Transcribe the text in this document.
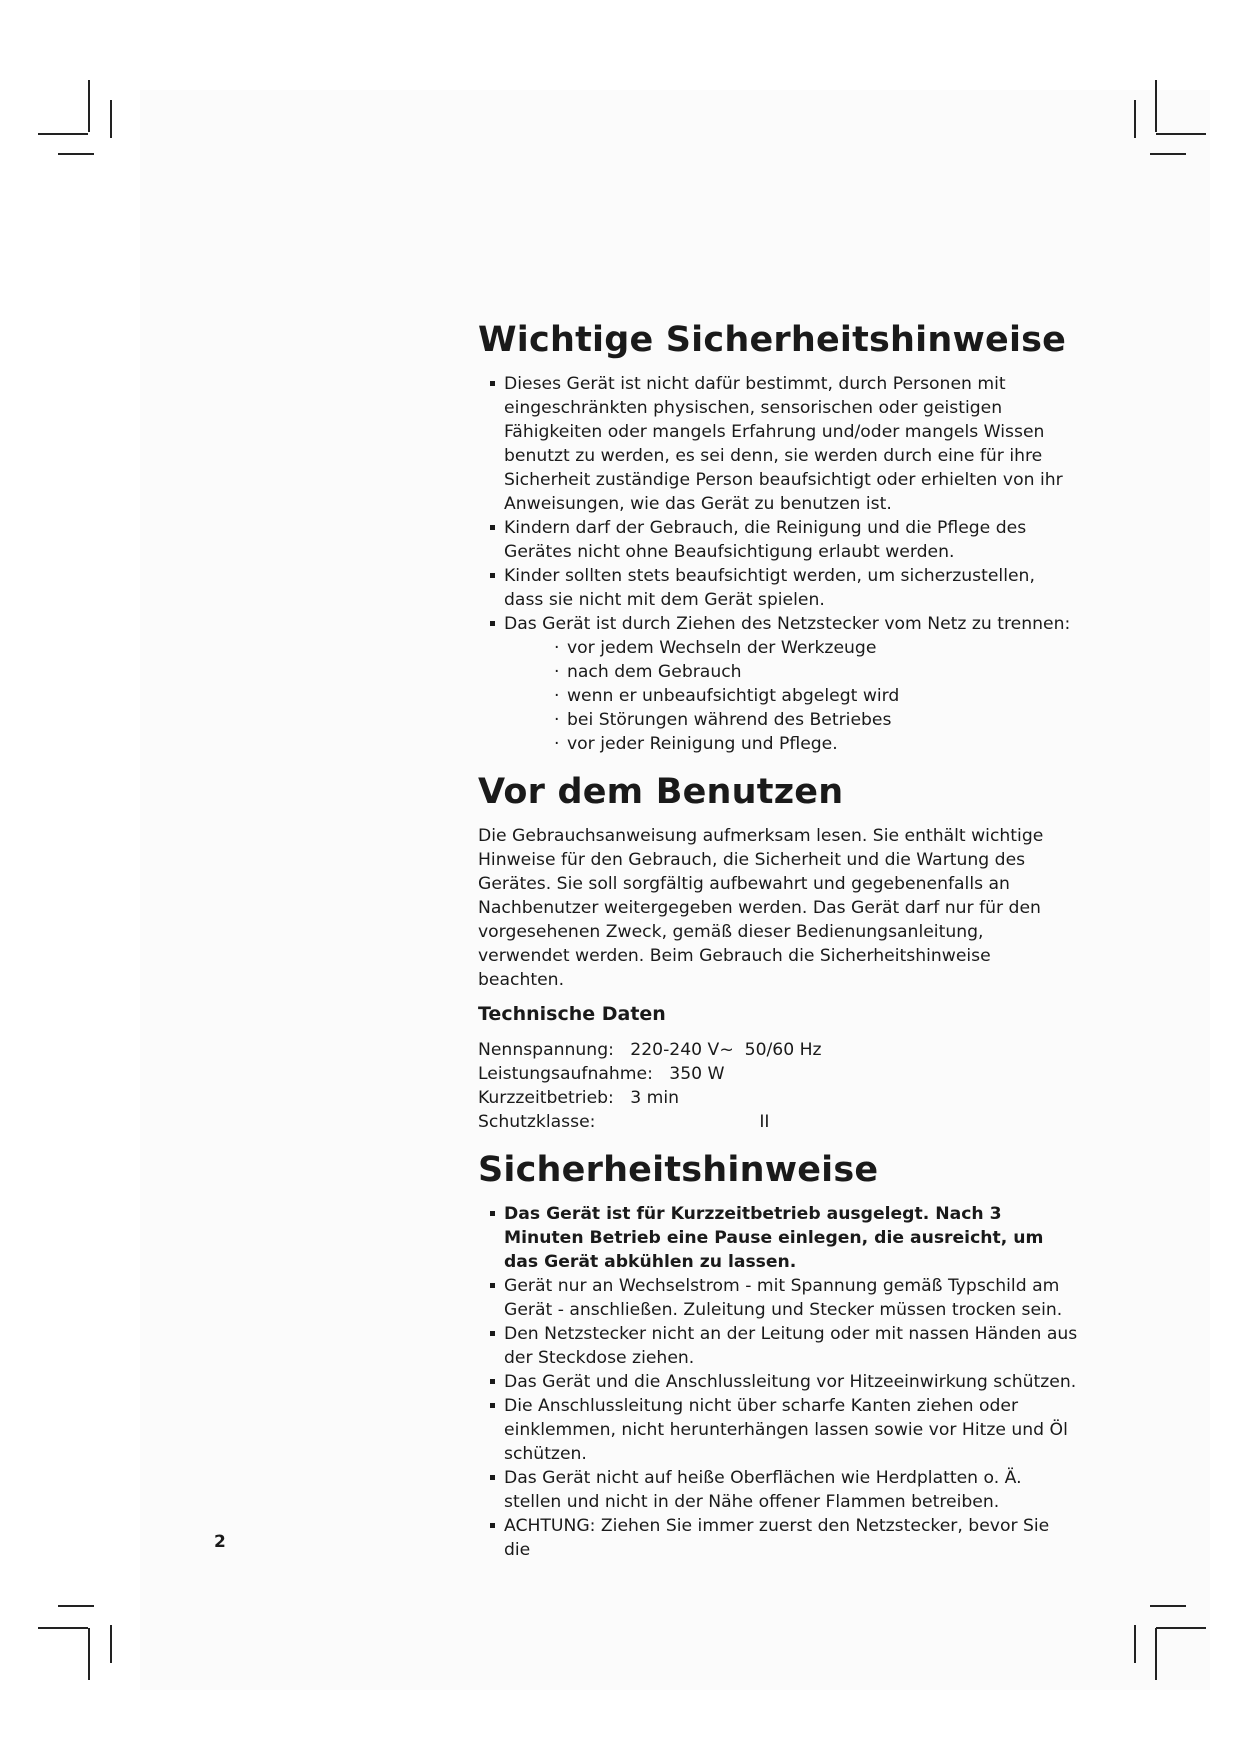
Wichtige Sicherheitshinweise
Dieses Gerät ist nicht dafür bestimmt, durch Personen mit eingeschränkten physischen, sensorischen oder geistigen Fähigkeiten oder mangels Erfahrung und/oder mangels Wissen benutzt zu werden, es sei denn, sie werden durch eine für ihre Sicherheit zuständige Person beaufsichtigt oder erhielten von ihr Anweisungen, wie das Gerät zu benutzen ist.
Kindern darf der Gebrauch, die Reinigung und die Pflege des Gerätes nicht ohne Beaufsichtigung erlaubt werden.
Kinder sollten stets beaufsichtigt werden, um sicherzustellen, dass sie nicht mit dem Gerät spielen.
Das Gerät ist durch Ziehen des Netzstecker vom Netz zu trennen:
· vor jedem Wechseln der Werkzeuge
· nach dem Gebrauch
· wenn er unbeaufsichtigt abgelegt wird
· bei Störungen während des Betriebes
· vor jeder Reinigung und Pflege.
Vor dem Benutzen

Die Gebrauchsanweisung aufmerksam lesen. Sie enthält wichtige Hinweise für den Gebrauch, die Sicherheit und die Wartung des Gerätes. Sie soll sorgfältig aufbewahrt und gegebenenfalls an Nachbenutzer weitergegeben werden. Das Gerät darf nur für den vorgesehenen Zweck, gemäß dieser Bedienungsanleitung, verwendet werden. Beim Gebrauch die Sicherheitshinweise beachten.

Technische Daten
Nennspannung:   220-240 V~  50/60 Hz
Leistungsaufnahme:   350 W
Kurzzeitbetrieb:   3 min
Schutzklasse:                              II
Sicherheitshinweise
Das Gerät ist für Kurzzeitbetrieb ausgelegt. Nach 3 Minuten Betrieb eine Pause einlegen, die ausreicht, um das Gerät abkühlen zu lassen.
Gerät nur an Wechselstrom - mit Spannung gemäß Typschild am Gerät - anschließen. Zuleitung und Stecker müssen trocken sein.
Den Netzstecker nicht an der Leitung oder mit nassen Händen aus der Steckdose ziehen.
Das Gerät und die Anschlussleitung vor Hitzeeinwirkung schützen.
Die Anschlussleitung nicht über scharfe Kanten ziehen oder einklemmen, nicht herunterhängen lassen sowie vor Hitze und Öl schützen.
Das Gerät nicht auf heiße Oberflächen wie Herdplatten o. Ä. stellen und nicht in der Nähe offener Flammen betreiben.
ACHTUNG: Ziehen Sie immer zuerst den Netzstecker, bevor Sie die
2
